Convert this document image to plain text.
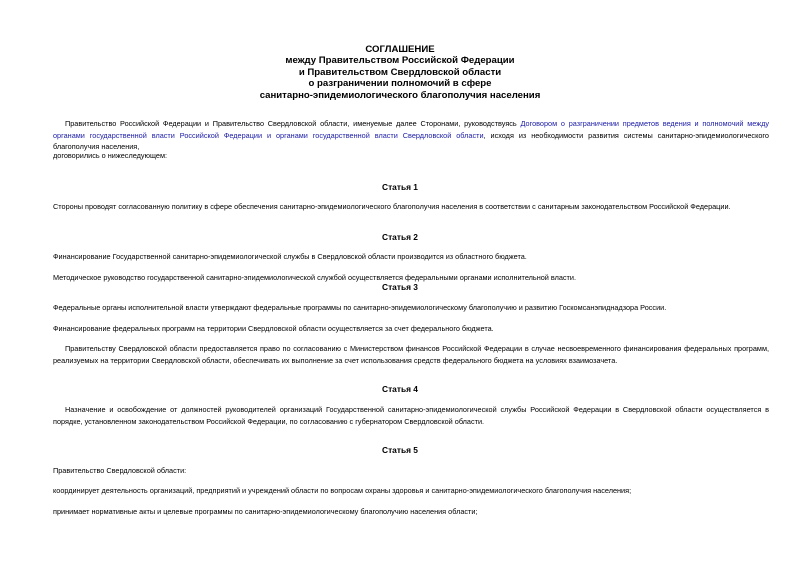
СОГЛАШЕНИЕ
между Правительством Российской Федерации
и Правительством Свердловской области
о разграничении полномочий в сфере
санитарно-эпидемиологического благополучия населения
Правительство Российской Федерации и Правительство Свердловской области, именуемые далее Сторонами, руководствуясь Договором о разграничении предметов ведения и полномочий между органами государственной власти Российской Федерации и органами государственной власти Свердловской области, исходя из необходимости развития системы санитарно-эпидемиологического благополучия населения,
договорились о нижеследующем:
Статья 1
Стороны проводят согласованную политику в сфере обеспечения санитарно-эпидемиологического благополучия населения в соответствии с санитарным законодательством Российской Федерации.
Статья 2
Финансирование Государственной санитарно-эпидемиологической службы в Свердловской области производится из областного бюджета.
Методическое руководство государственной санитарно-эпидемиологической службой осуществляется федеральными органами исполнительной власти.
Статья 3
Федеральные органы исполнительной власти утверждают федеральные программы по санитарно-эпидемиологическому благополучию и развитию Госкомсанэпиднадзора России.
Финансирование федеральных программ на территории Свердловской области осуществляется за счет федерального бюджета.
Правительству Свердловской области предоставляется право по согласованию с Министерством финансов Российской Федерации в случае несвоевременного финансирования федеральных программ, реализуемых на территории Свердловской области, обеспечивать их выполнение за счет использования средств федерального бюджета на условиях взаимозачета.
Статья 4
Назначение и освобождение от должностей руководителей организаций Государственной санитарно-эпидемиологической службы Российской Федерации в Свердловской области осуществляется в порядке, установленном законодательством Российской Федерации, по согласованию с губернатором Свердловской области.
Статья 5
Правительство Свердловской области:
координирует деятельность организаций, предприятий и учреждений области по вопросам охраны здоровья и санитарно-эпидемиологического благополучия населения;
принимает нормативные акты и целевые программы по санитарно-эпидемиологическому благополучию населения области;
